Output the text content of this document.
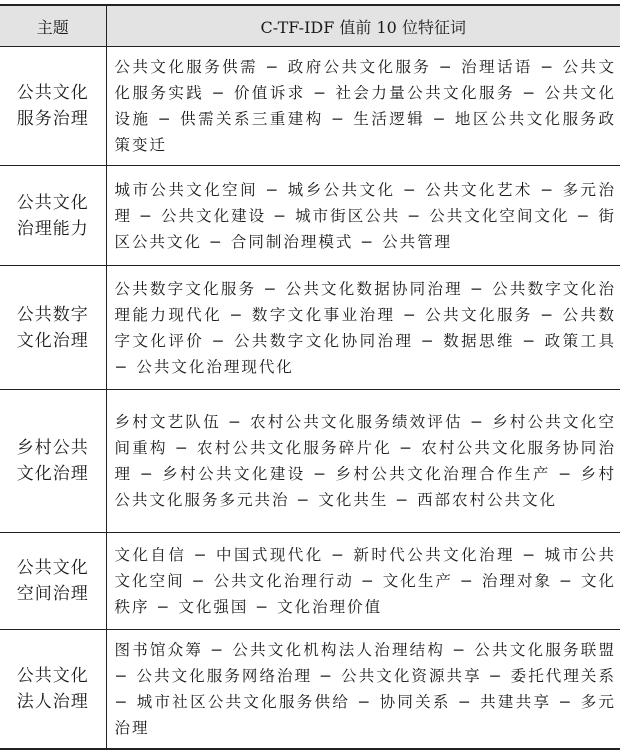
主题	C-TF-IDF 值前 10 位特征词
公共文化服务治理	公共文化服务供需 − 政府公共文化服务 − 治理话语 − 公共文化服务实践 − 价值诉求 − 社会力量公共文化服务 − 公共文化设施 − 供需关系三重建构 − 生活逻辑 − 地区公共文化服务政策变迁
公共文化治理能力	城市公共文化空间 − 城乡公共文化 − 公共文化艺术 − 多元治理 − 公共文化建设 − 城市街区公共 − 公共文化空间文化 − 街区公共文化 − 合同制治理模式 − 公共管理
公共数字文化治理	公共数字文化服务 − 公共文化数据协同治理 − 公共数字文化治理能力现代化 − 数字文化事业治理 − 公共文化服务 − 公共数字文化评价 − 公共数字文化协同治理 − 数据思维 − 政策工具 − 公共文化治理现代化
乡村公共文化治理	乡村文艺队伍 − 农村公共文化服务绩效评估 − 乡村公共文化空间重构 − 农村公共文化服务碎片化 − 农村公共文化服务协同治理 − 乡村公共文化建设 − 乡村公共文化治理合作生产 − 乡村公共文化服务多元共治 − 文化共生 − 西部农村公共文化
公共文化空间治理	文化自信 − 中国式现代化 − 新时代公共文化治理 − 城市公共文化空间 − 公共文化治理行动 − 文化生产 − 治理对象 − 文化秩序 − 文化强国 − 文化治理价值
公共文化法人治理	图书馆众筹 − 公共文化机构法人治理结构 − 公共文化服务联盟 − 公共文化服务网络治理 − 公共文化资源共享 − 委托代理关系 − 城市社区公共文化服务供给 − 协同关系 − 共建共享 − 多元治理
